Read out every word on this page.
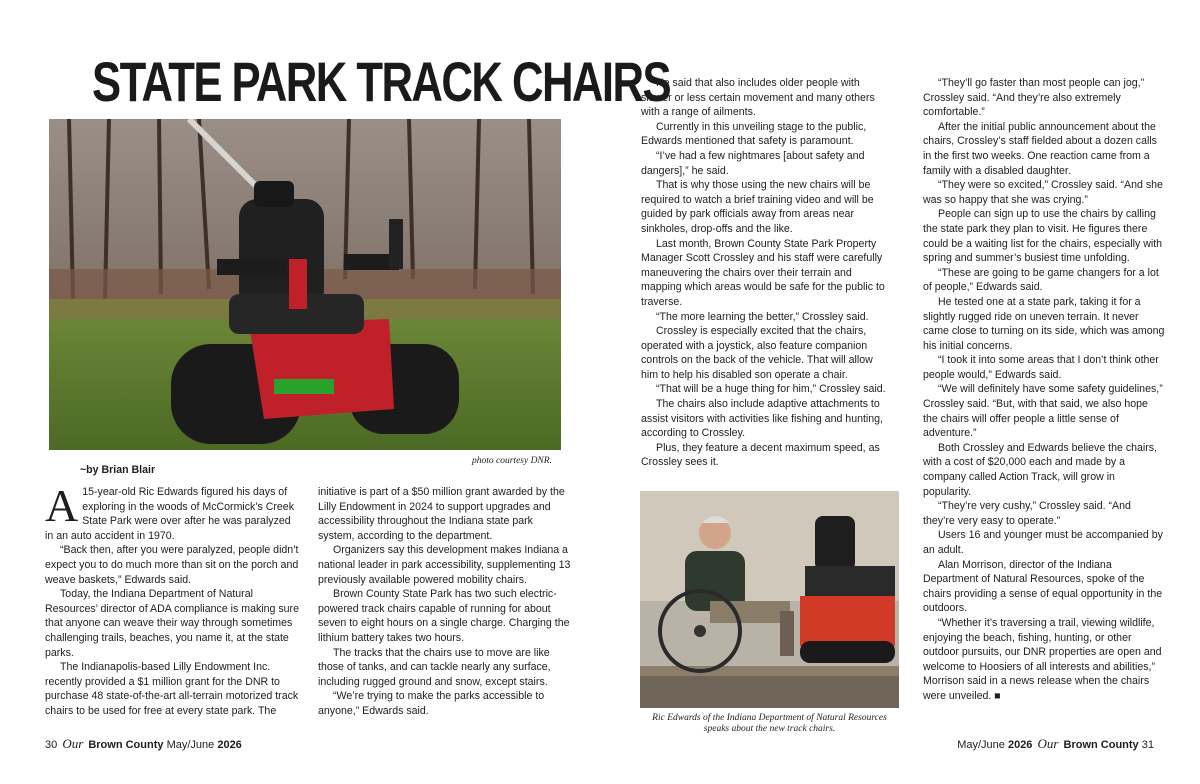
STATE PARK TRACK CHAIRS
~by Brian Blair
photo courtesy DNR.
A 15-year-old Ric Edwards figured his days of exploring in the woods of McCormick’s Creek State Park were over after he was paralyzed in an auto accident in 1970.

“Back then, after you were paralyzed, people didn’t expect you to do much more than sit on the porch and weave baskets,” Edwards said.

Today, the Indiana Department of Natural Resources’ director of ADA compliance is making sure that anyone can weave their way through sometimes challenging trails, beaches, you name it, at the state parks.

The Indianapolis-based Lilly Endowment Inc. recently provided a $1 million grant for the DNR to purchase 48 state-of-the-art all-terrain motorized track chairs to be used for free at every state park. The

initiative is part of a $50 million grant awarded by the Lilly Endowment in 2024 to support upgrades and accessibility throughout the Indiana state park system, according to the department.

Organizers say this development makes Indiana a national leader in park accessibility, supplementing 13 previously available powered mobility chairs.

Brown County State Park has two such electric-powered track chairs capable of running for about seven to eight hours on a single charge. Charging the lithium battery takes two hours.

The tracks that the chairs use to move are like those of tanks, and can tackle nearly any surface, including rugged ground and snow, except stairs.

“We’re trying to make the parks accessible to anyone,” Edwards said.

He said that also includes older people with slower or less certain movement and many others with a range of ailments.

Currently in this unveiling stage to the public, Edwards mentioned that safety is paramount.

“I’ve had a few nightmares [about safety and dangers],” he said.

That is why those using the new chairs will be required to watch a brief training video and will be guided by park officials away from areas near sinkholes, drop-offs and the like.

Last month, Brown County State Park Property Manager Scott Crossley and his staff were carefully maneuvering the chairs over their terrain and mapping which areas would be safe for the public to traverse.

“The more learning the better,” Crossley said.

Crossley is especially excited that the chairs, operated with a joystick, also feature companion controls on the back of the vehicle. That will allow him to help his disabled son operate a chair.

“That will be a huge thing for him,” Crossley said.

The chairs also include adaptive attachments to assist visitors with activities like fishing and hunting, according to Crossley.

Plus, they feature a decent maximum speed, as Crossley sees it.

Ric Edwards of the Indiana Department of Natural Resources speaks about the new track chairs.

“They’ll go faster than most people can jog,” Crossley said. “And they’re also extremely comfortable.”

After the initial public announcement about the chairs, Crossley’s staff fielded about a dozen calls in the first two weeks. One reaction came from a family with a disabled daughter.

“They were so excited,” Crossley said. “And she was so happy that she was crying.”

People can sign up to use the chairs by calling the state park they plan to visit. He figures there could be a waiting list for the chairs, especially with spring and summer’s busiest time unfolding.

“These are going to be game changers for a lot of people,” Edwards said.

He tested one at a state park, taking it for a slightly rugged ride on uneven terrain. It never came close to turning on its side, which was among his initial concerns.

“I took it into some areas that I don’t think other people would,” Edwards said.

“We will definitely have some safety guidelines,” Crossley said. “But, with that said, we also hope the chairs will offer people a little sense of adventure.”

Both Crossley and Edwards believe the chairs, with a cost of $20,000 each and made by a company called Action Track, will grow in popularity.

“They’re very cushy,” Crossley said. “And they’re very easy to operate.”

Users 16 and younger must be accompanied by an adult.

Alan Morrison, director of the Indiana Department of Natural Resources, spoke of the chairs providing a sense of equal opportunity in the outdoors.

“Whether it’s traversing a trail, viewing wildlife, enjoying the beach, fishing, hunting, or other outdoor pursuits, our DNR properties are open and welcome to Hoosiers of all interests and abilities,” Morrison said in a news release when the chairs were unveiled. ■

30 Our Brown County May/June 2026	May/June 2026 Our Brown County 31
